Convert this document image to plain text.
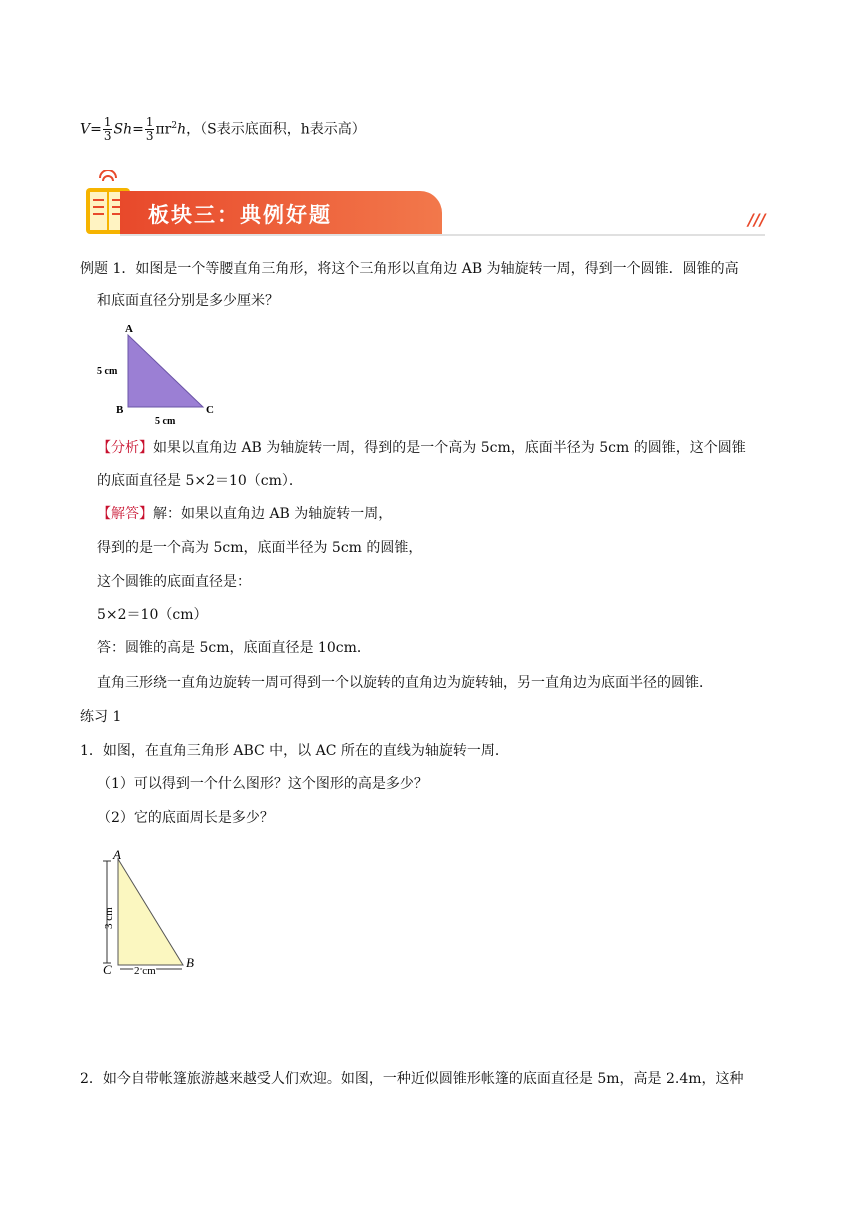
$V= \frac{1}{3} Sh= \frac{1}{3} \pi r^2h$，（S表示底面积，h表示高）
板块三：典例好题	///
例题 1．如图是一个等腰直角三角形，将这个三角形以直角边 AB 为轴旋转一周，得到一个圆锥．圆锥的高
和底面直径分别是多少厘米？
A
B	C
5 cm
5 cm
【分析】如果以直角边 AB 为轴旋转一周，得到的是一个高为 5cm，底面半径为 5cm 的圆锥，这个圆锥
的底面直径是 5×2＝10（cm）．
【解答】解：如果以直角边 AB 为轴旋转一周，
得到的是一个高为 5cm，底面半径为 5cm 的圆锥，
这个圆锥的底面直径是：
5×2＝10（cm）
答：圆锥的高是 5cm，底面直径是 10cm．
直角三形绕一直角边旋转一周可得到一个以旋转的直角边为旋转轴，另一直角边为底面半径的圆锥．
练习 1
1．如图，在直角三角形 ABC 中，以 AC 所在的直线为轴旋转一周．
（1）可以得到一个什么图形？这个图形的高是多少？
（2）它的底面周长是多少？
A
C	B
3 cm
2 cm
2．如今自带帐篷旅游越来越受人们欢迎。如图，一种近似圆锥形帐篷的底面直径是 5m，高是 2.4m，这种
